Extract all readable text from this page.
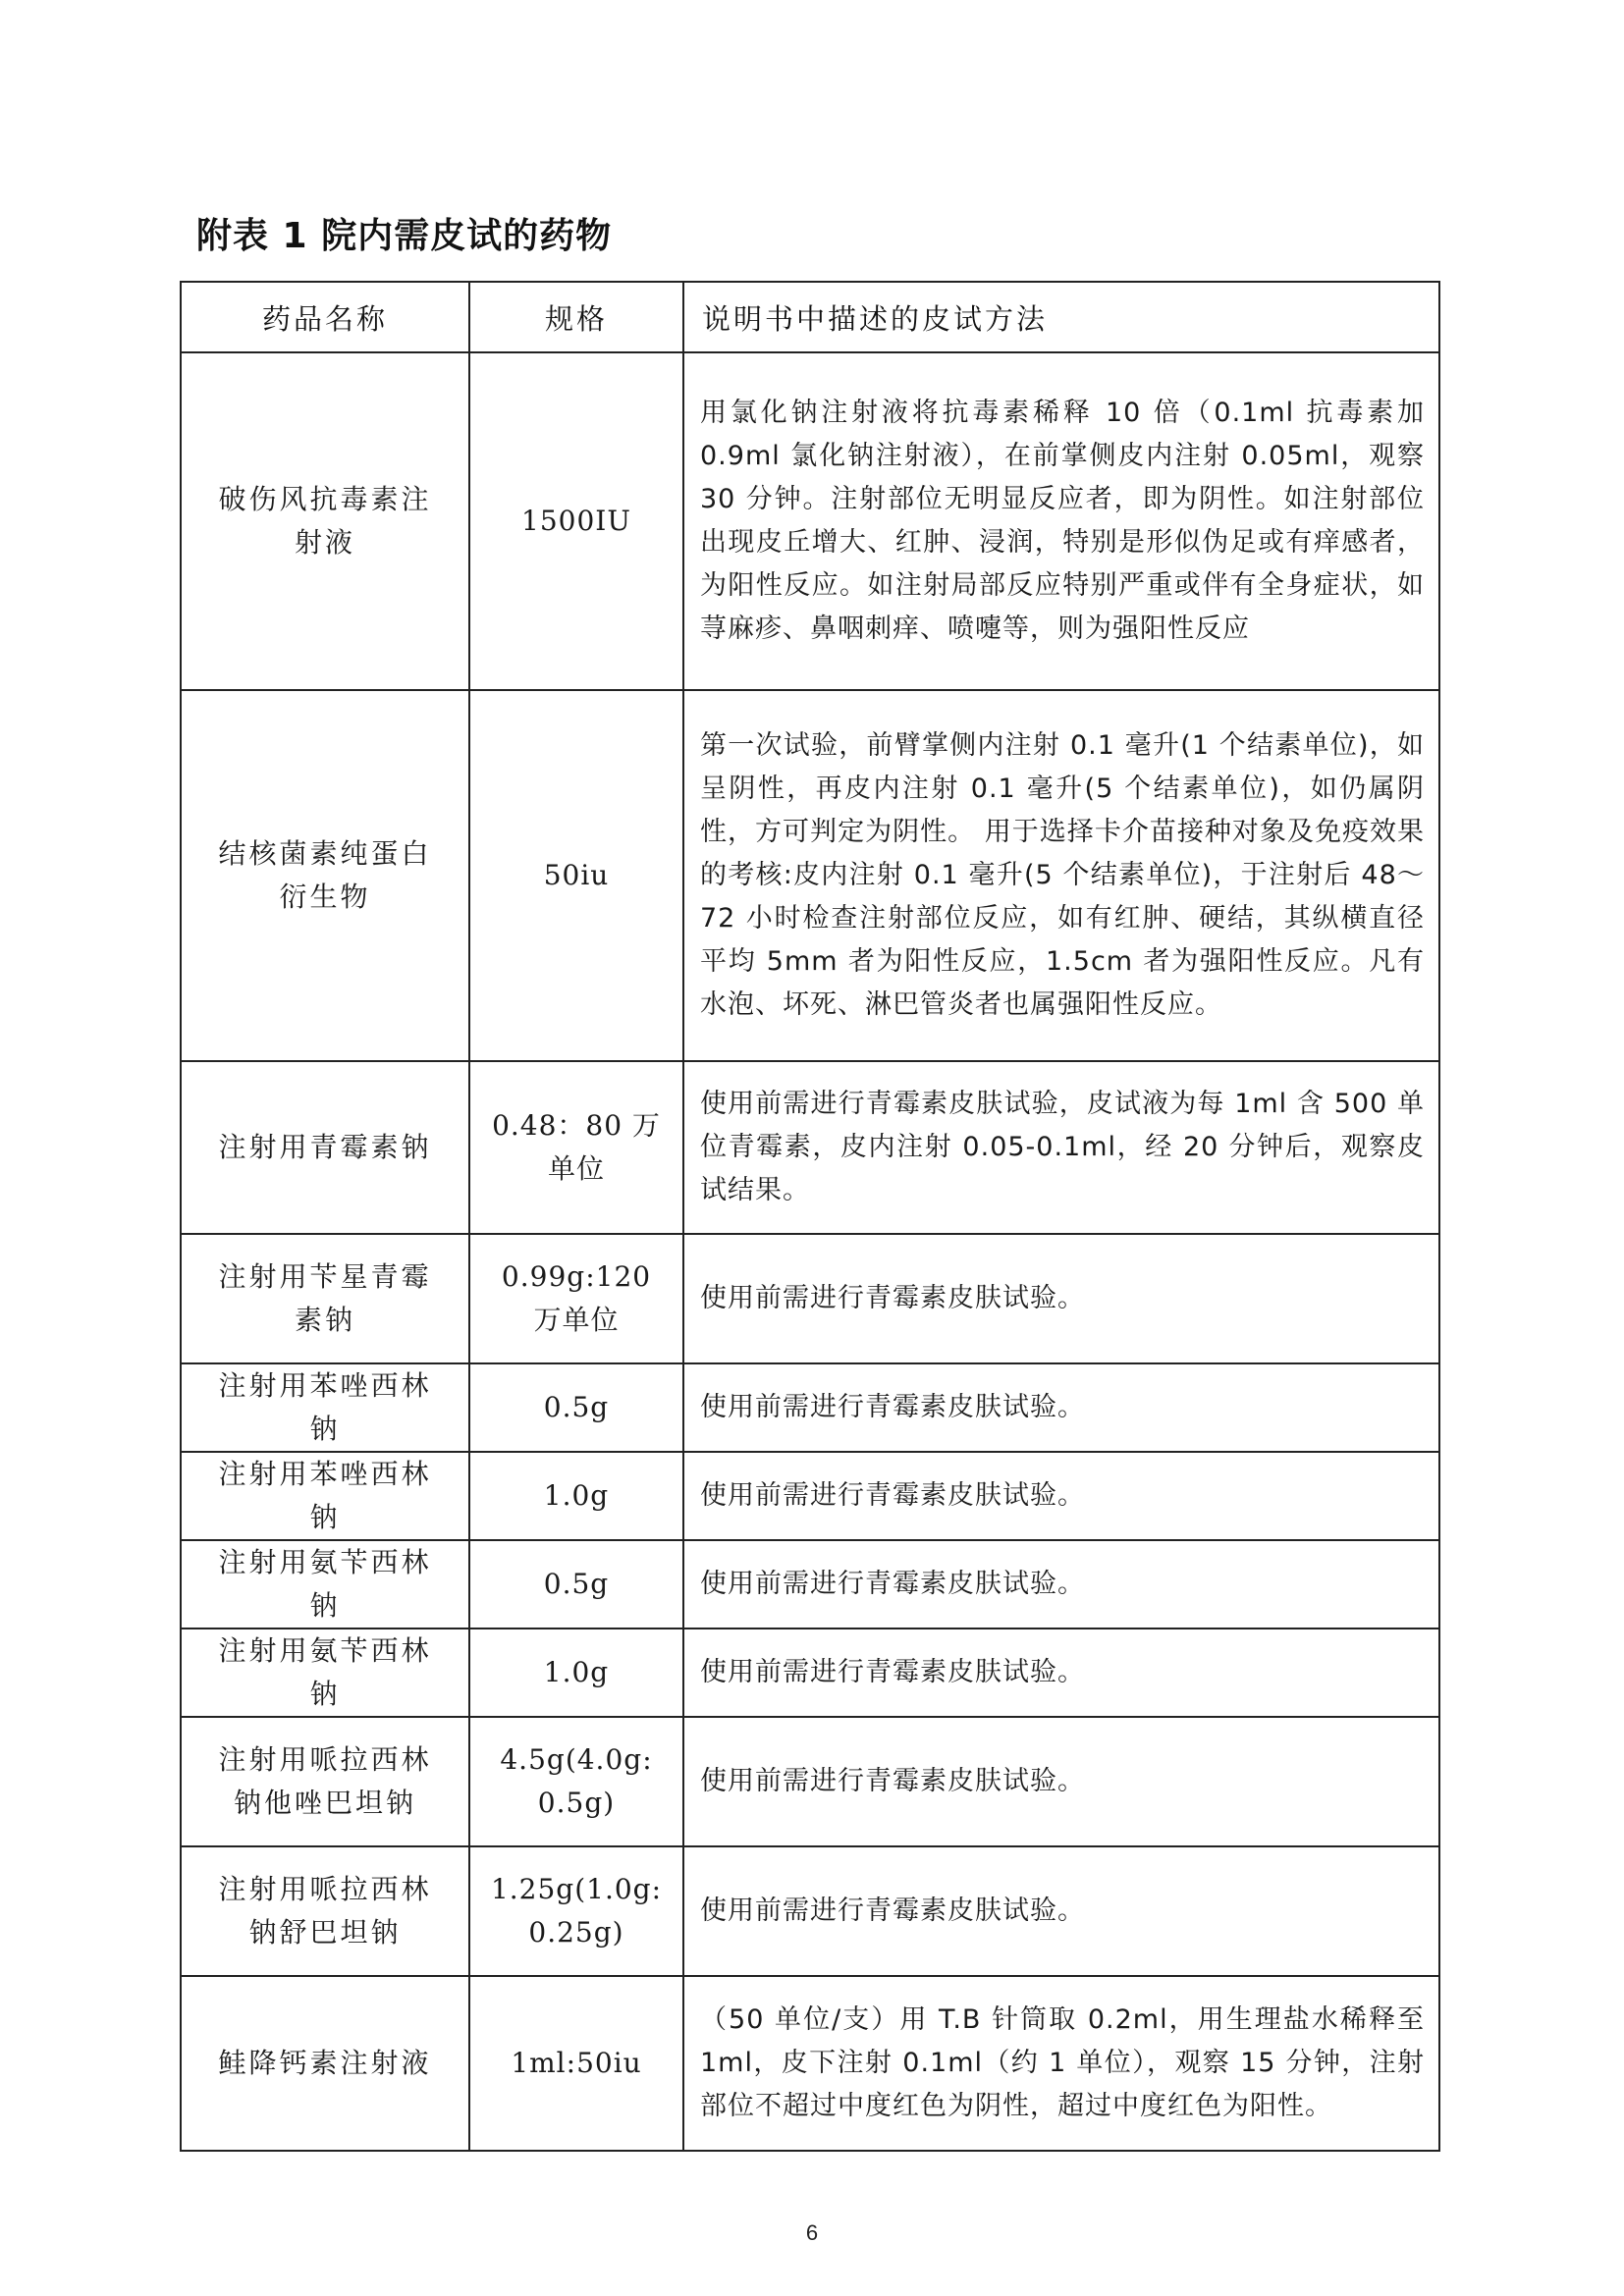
附表 1 院内需皮试的药物
药品名称	规格	说明书中描述的皮试方法
破伤风抗毒素注射液	1500IU	用氯化钠注射液将抗毒素稀释 10 倍（0.1ml 抗毒素加 0.9ml 氯化钠注射液），在前掌侧皮内注射 0.05ml，观察 30 分钟。注射部位无明显反应者，即为阴性。如注射部位出现皮丘增大、红肿、浸润，特别是形似伪足或有痒感者，为阳性反应。如注射局部反应特别严重或伴有全身症状，如荨麻疹、鼻咽刺痒、喷嚏等，则为强阳性反应
结核菌素纯蛋白衍生物	50iu	第一次试验，前臂掌侧内注射 0.1 毫升(1 个结素单位)，如呈阴性，再皮内注射 0.1 毫升(5 个结素单位)，如仍属阴性，方可判定为阴性。 用于选择卡介苗接种对象及免疫效果的考核:皮内注射 0.1 毫升(5 个结素单位)，于注射后 48～72 小时检查注射部位反应，如有红肿、硬结，其纵横直径平均 5mm 者为阳性反应，1.5cm 者为强阳性反应。凡有水泡、坏死、淋巴管炎者也属强阳性反应。
注射用青霉素钠	0.48：80 万单位	使用前需进行青霉素皮肤试验，皮试液为每 1ml 含 500 单位青霉素，皮内注射 0.05-0.1ml，经 20 分钟后，观察皮试结果。
注射用苄星青霉素钠	0.99g:120 万单位	使用前需进行青霉素皮肤试验。
注射用苯唑西林钠	0.5g	使用前需进行青霉素皮肤试验。
注射用苯唑西林钠	1.0g	使用前需进行青霉素皮肤试验。
注射用氨苄西林钠	0.5g	使用前需进行青霉素皮肤试验。
注射用氨苄西林钠	1.0g	使用前需进行青霉素皮肤试验。
注射用哌拉西林钠他唑巴坦钠	4.5g(4.0g: 0.5g)	使用前需进行青霉素皮肤试验。
注射用哌拉西林钠舒巴坦钠	1.25g(1.0g: 0.25g)	使用前需进行青霉素皮肤试验。
鲑降钙素注射液	1ml:50iu	（50 单位/支）用 T.B 针筒取 0.2ml，用生理盐水稀释至 1ml，皮下注射 0.1ml（约 1 单位），观察 15 分钟，注射部位不超过中度红色为阴性，超过中度红色为阳性。
6
